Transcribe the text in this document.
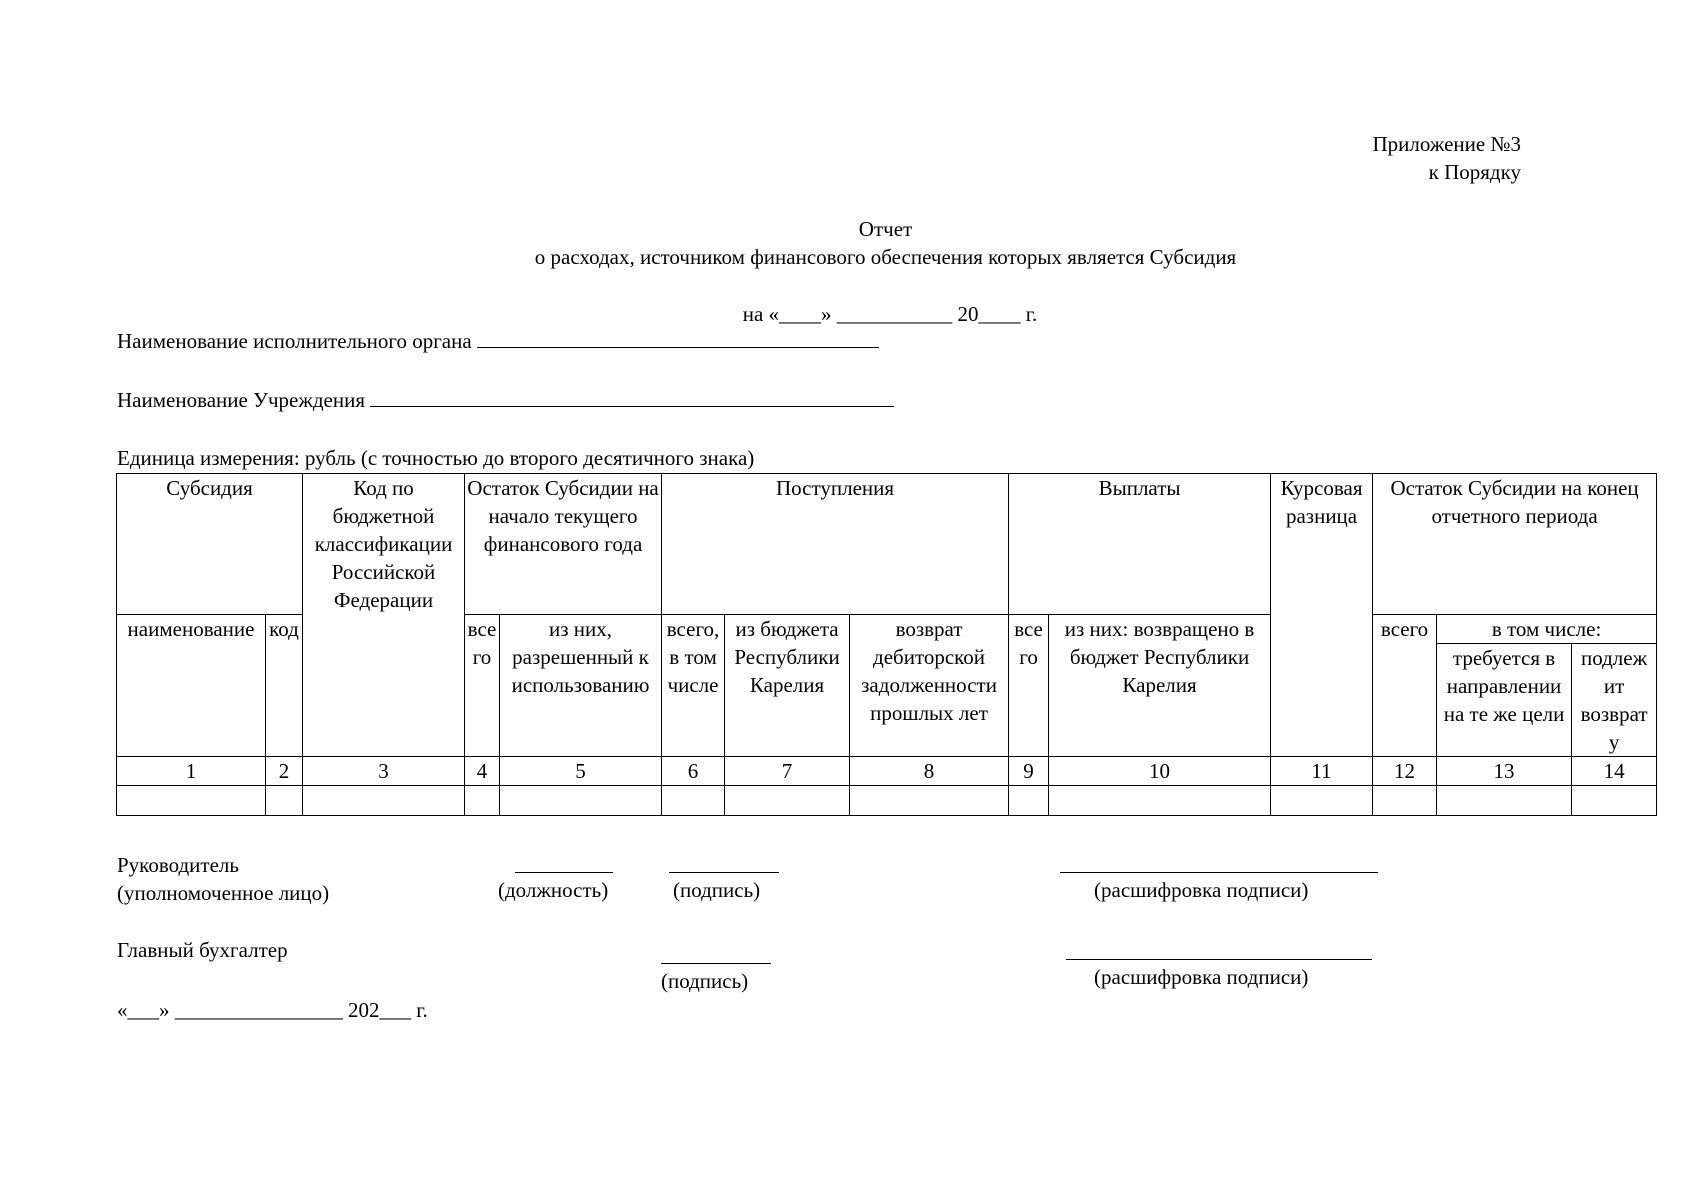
Приложение №3
к Порядку
Отчет
о расходах, источником финансового обеспечения которых является Субсидия
на «____» ___________ 20____ г.
Наименование исполнительного органа
Наименование Учреждения
Единица измерения: рубль (с точностью до второго десятичного знака)
Субсидия		Код по бюджетной классификации Российской Федерации	Остаток Субсидии на начало текущего финансового года		Поступления			Выплаты		Курсовая разница	Остаток Субсидии на конец отчетного периода		
наименование	код		все го	из них, разрешенный к использованию	всего, в том числе	из бюджета Республики Карелия	возврат дебиторской задолженности прошлых лет	все го	из них: возвращено в бюджет Республики Карелия		всего	в том числе:	
												требуется в направлении на те же цели	подлеж ит возврат у
1	2	3	4	5	6	7	8	9	10	11	12	13	14

Руководитель
(уполномоченное лицо)	(должность)	(подпись)	(расшифровка подписи)
Главный бухгалтер
(подпись)	(расшифровка подписи)
«___» ________________ 202___ г.
